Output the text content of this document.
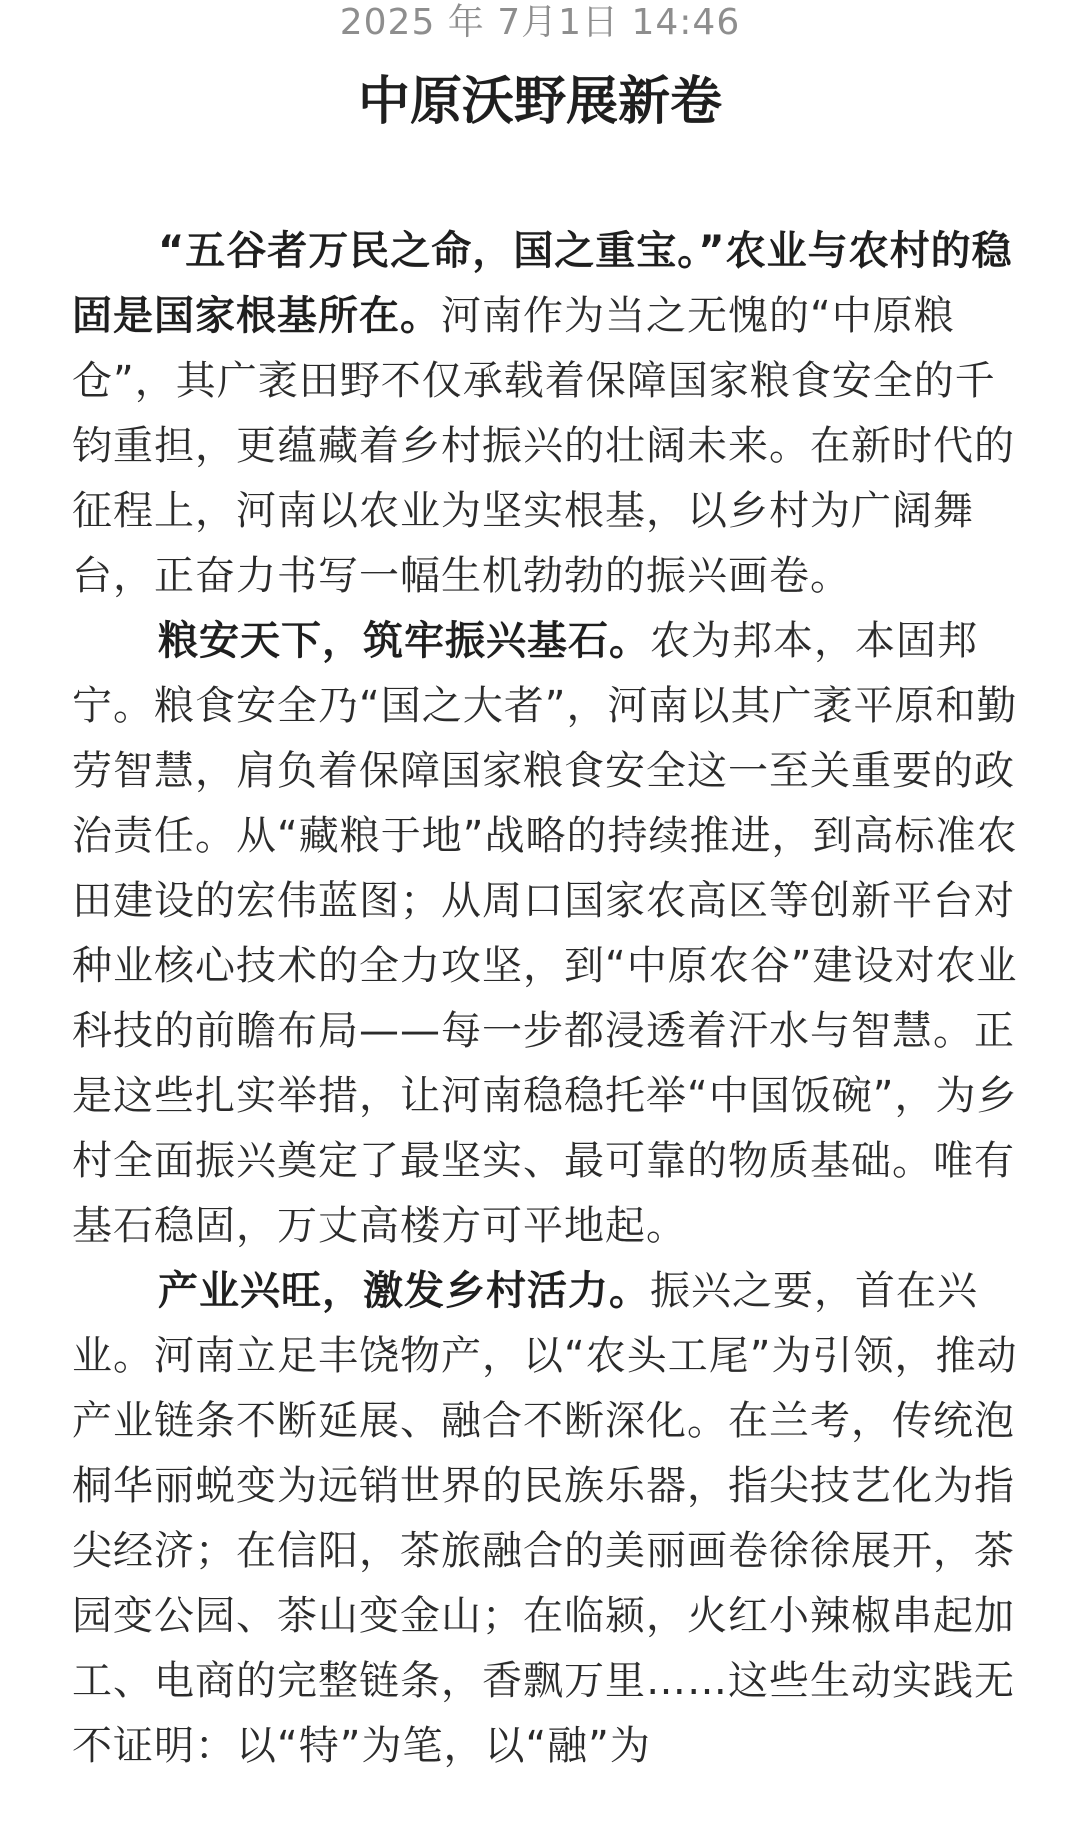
2025 年 7月1日 14:46
中原沃野展新卷

“五谷者万民之命，国之重宝。”农业与农村的稳固是国家根基所在。河南作为当之无愧的“中原粮仓”，其广袤田野不仅承载着保障国家粮食安全的千钧重担，更蕴藏着乡村振兴的壮阔未来。在新时代的征程上，河南以农业为坚实根基，以乡村为广阔舞台，正奋力书写一幅生机勃勃的振兴画卷。

粮安天下，筑牢振兴基石。农为邦本，本固邦宁。粮食安全乃“国之大者”，河南以其广袤平原和勤劳智慧，肩负着保障国家粮食安全这一至关重要的政治责任。从“藏粮于地”战略的持续推进，到高标准农田建设的宏伟蓝图；从周口国家农高区等创新平台对种业核心技术的全力攻坚，到“中原农谷”建设对农业科技的前瞻布局——每一步都浸透着汗水与智慧。正是这些扎实举措，让河南稳稳托举“中国饭碗”，为乡村全面振兴奠定了最坚实、最可靠的物质基础。唯有基石稳固，万丈高楼方可平地起。

产业兴旺，激发乡村活力。振兴之要，首在兴业。河南立足丰饶物产，以“农头工尾”为引领，推动产业链条不断延展、融合不断深化。在兰考，传统泡桐华丽蜕变为远销世界的民族乐器，指尖技艺化为指尖经济；在信阳，茶旅融合的美丽画卷徐徐展开，茶园变公园、茶山变金山；在临颍，火红小辣椒串起加工、电商的完整链条，香飘万里……这些生动实践无不证明：以“特”为笔，以“融”为
